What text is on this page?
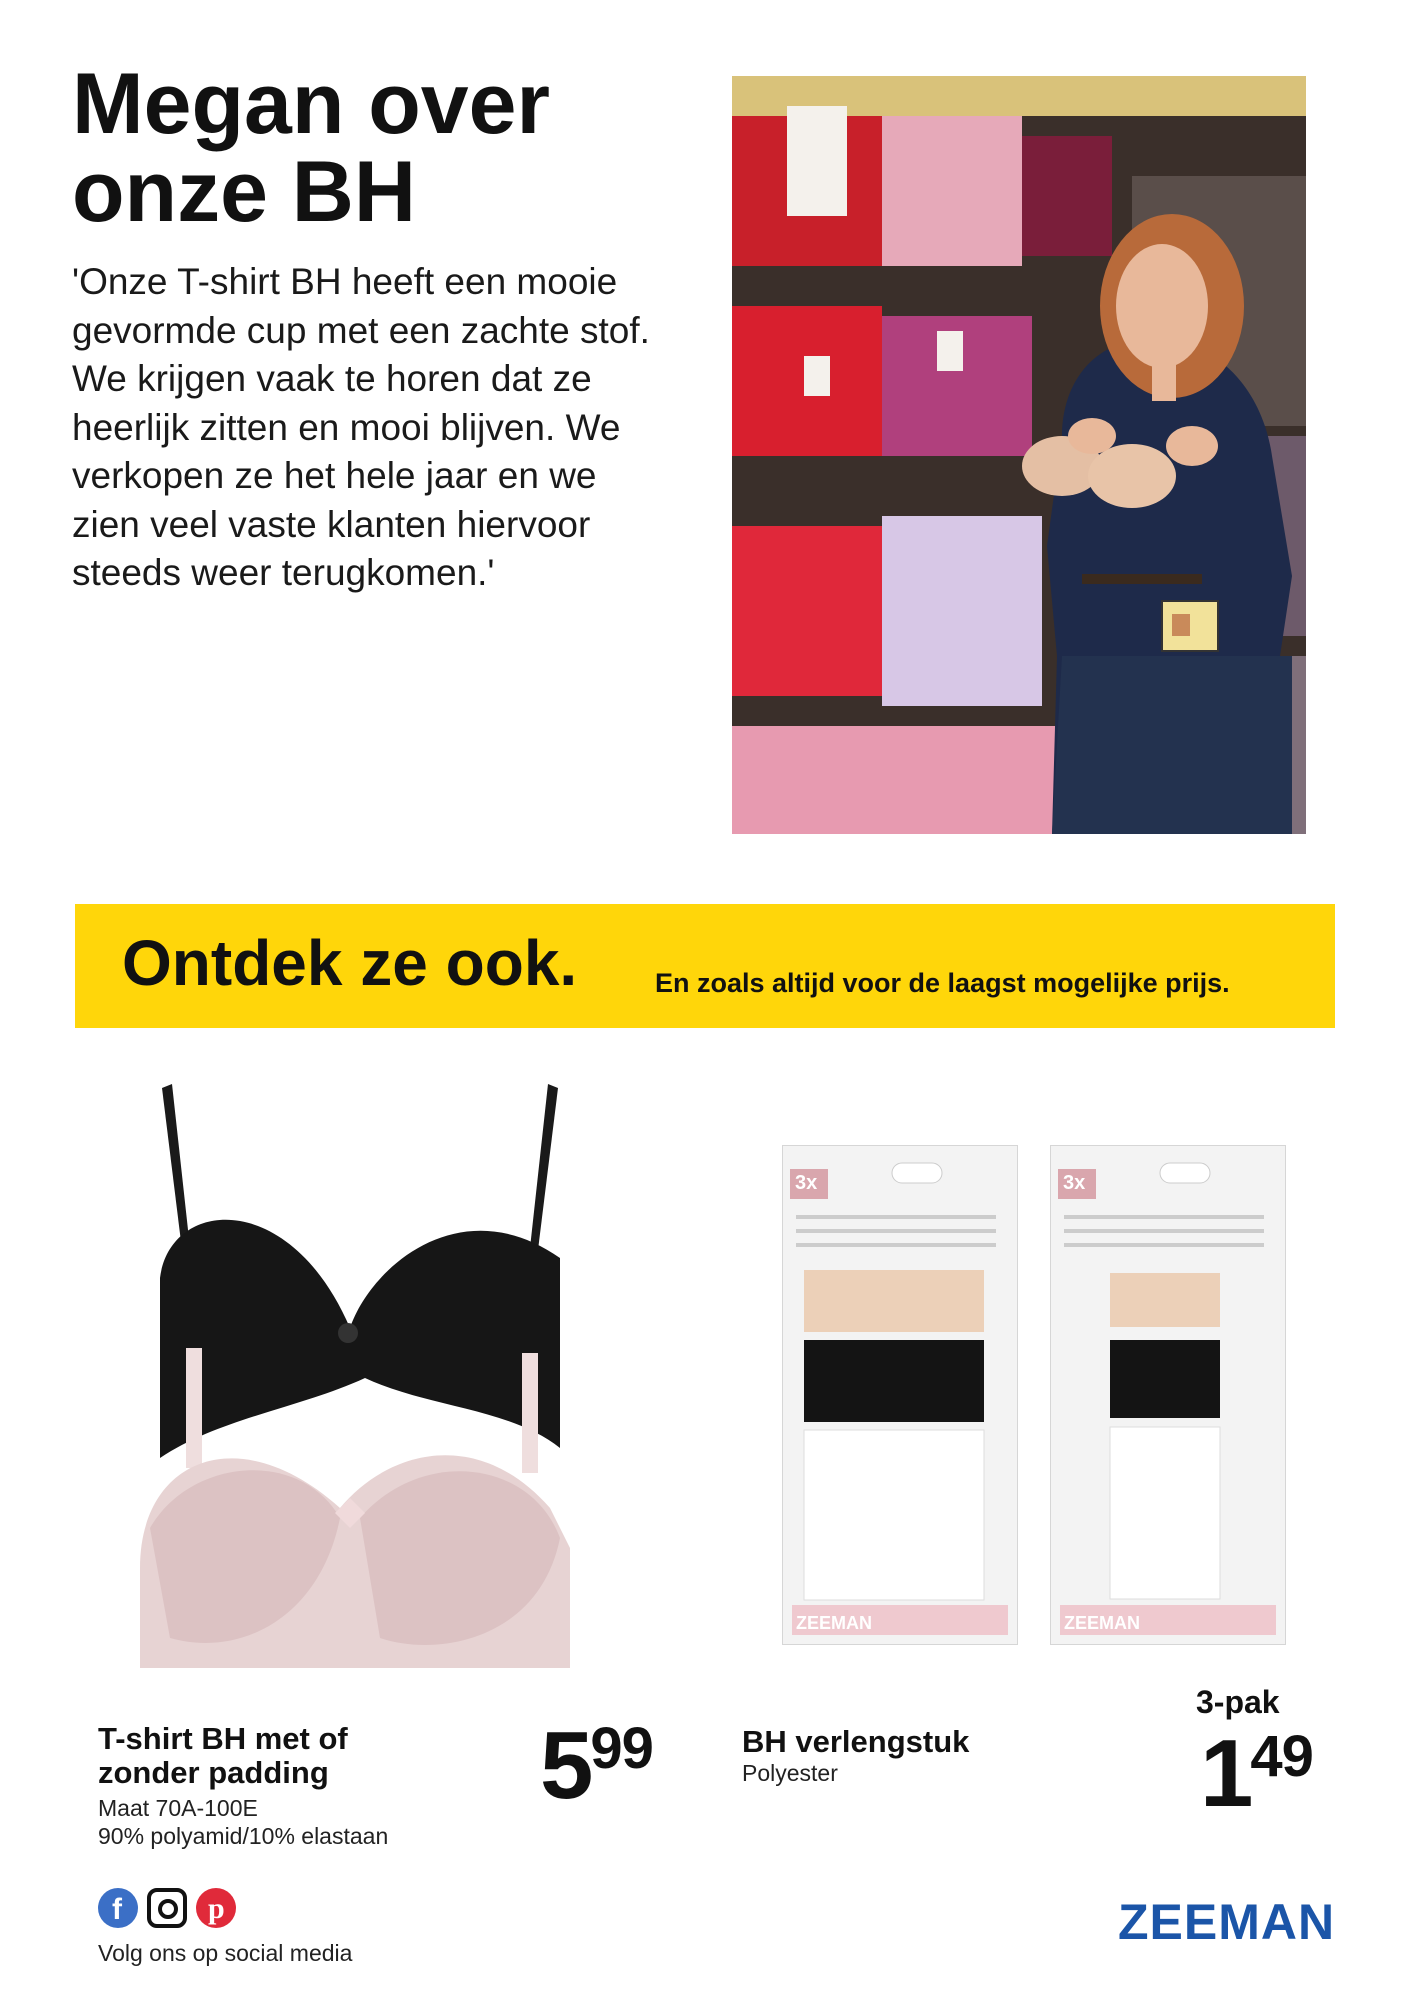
Megan over
onze BH
'Onze T-shirt BH heeft een mooie gevormde cup met een zachte stof. We krijgen vaak te horen dat ze heerlijk zitten en mooi blijven. We verkopen ze het hele jaar en we zien veel vaste klanten hiervoor steeds weer terugkomen.'
Ontdek ze ook.	En zoals altijd voor de laagst mogelijke prijs.
ZEEMAN
3x
ZEEMAN
3x
T-shirt BH met of
zonder padding
Maat 70A-100E
90% polyamid/10% elastaan
599	BH verlengstuk
Polyester
3-pak
149
f	p
Volg ons op social media
ZEEMAN
